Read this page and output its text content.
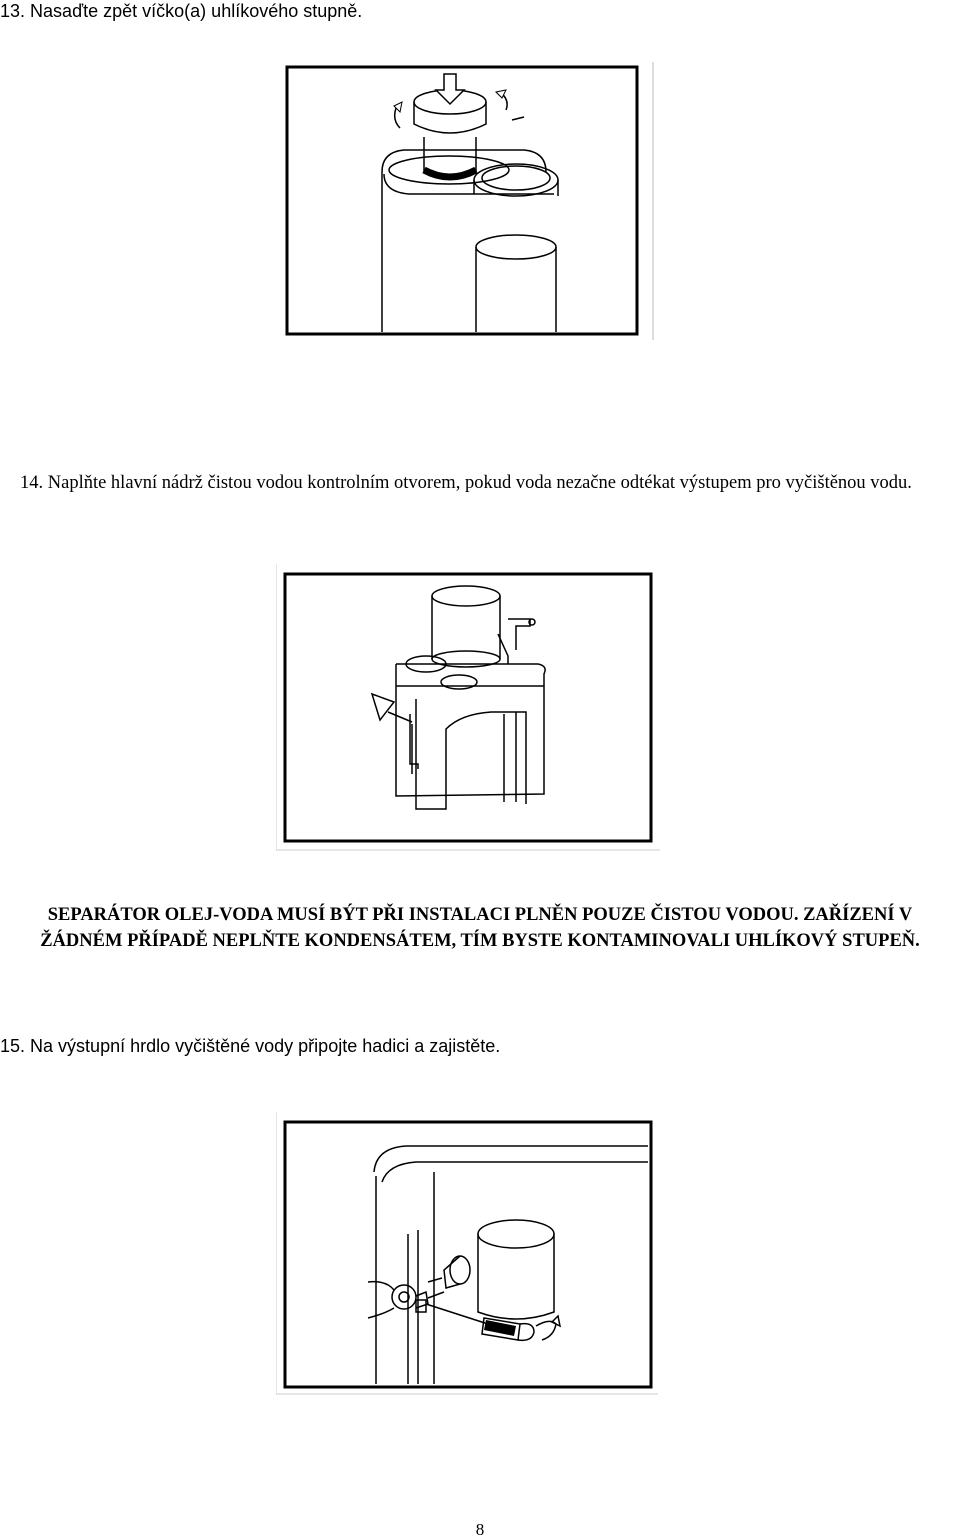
13. Nasaďte zpět víčko(a) uhlíkového stupně.
14. Naplňte hlavní nádrž čistou vodou kontrolním otvorem, pokud voda nezačne odtékat výstupem pro vyčištěnou vodu.
SEPARÁTOR OLEJ-VODA MUSÍ BÝT PŘI INSTALACI PLNĚN POUZE ČISTOU VODOU. ZAŘÍZENÍ V ŽÁDNÉM PŘÍPADĚ NEPLŇTE KONDENSÁTEM, TÍM BYSTE KONTAMINOVALI UHLÍKOVÝ STUPEŇ.
15. Na výstupní hrdlo vyčištěné vody připojte hadici a zajistěte.
8
